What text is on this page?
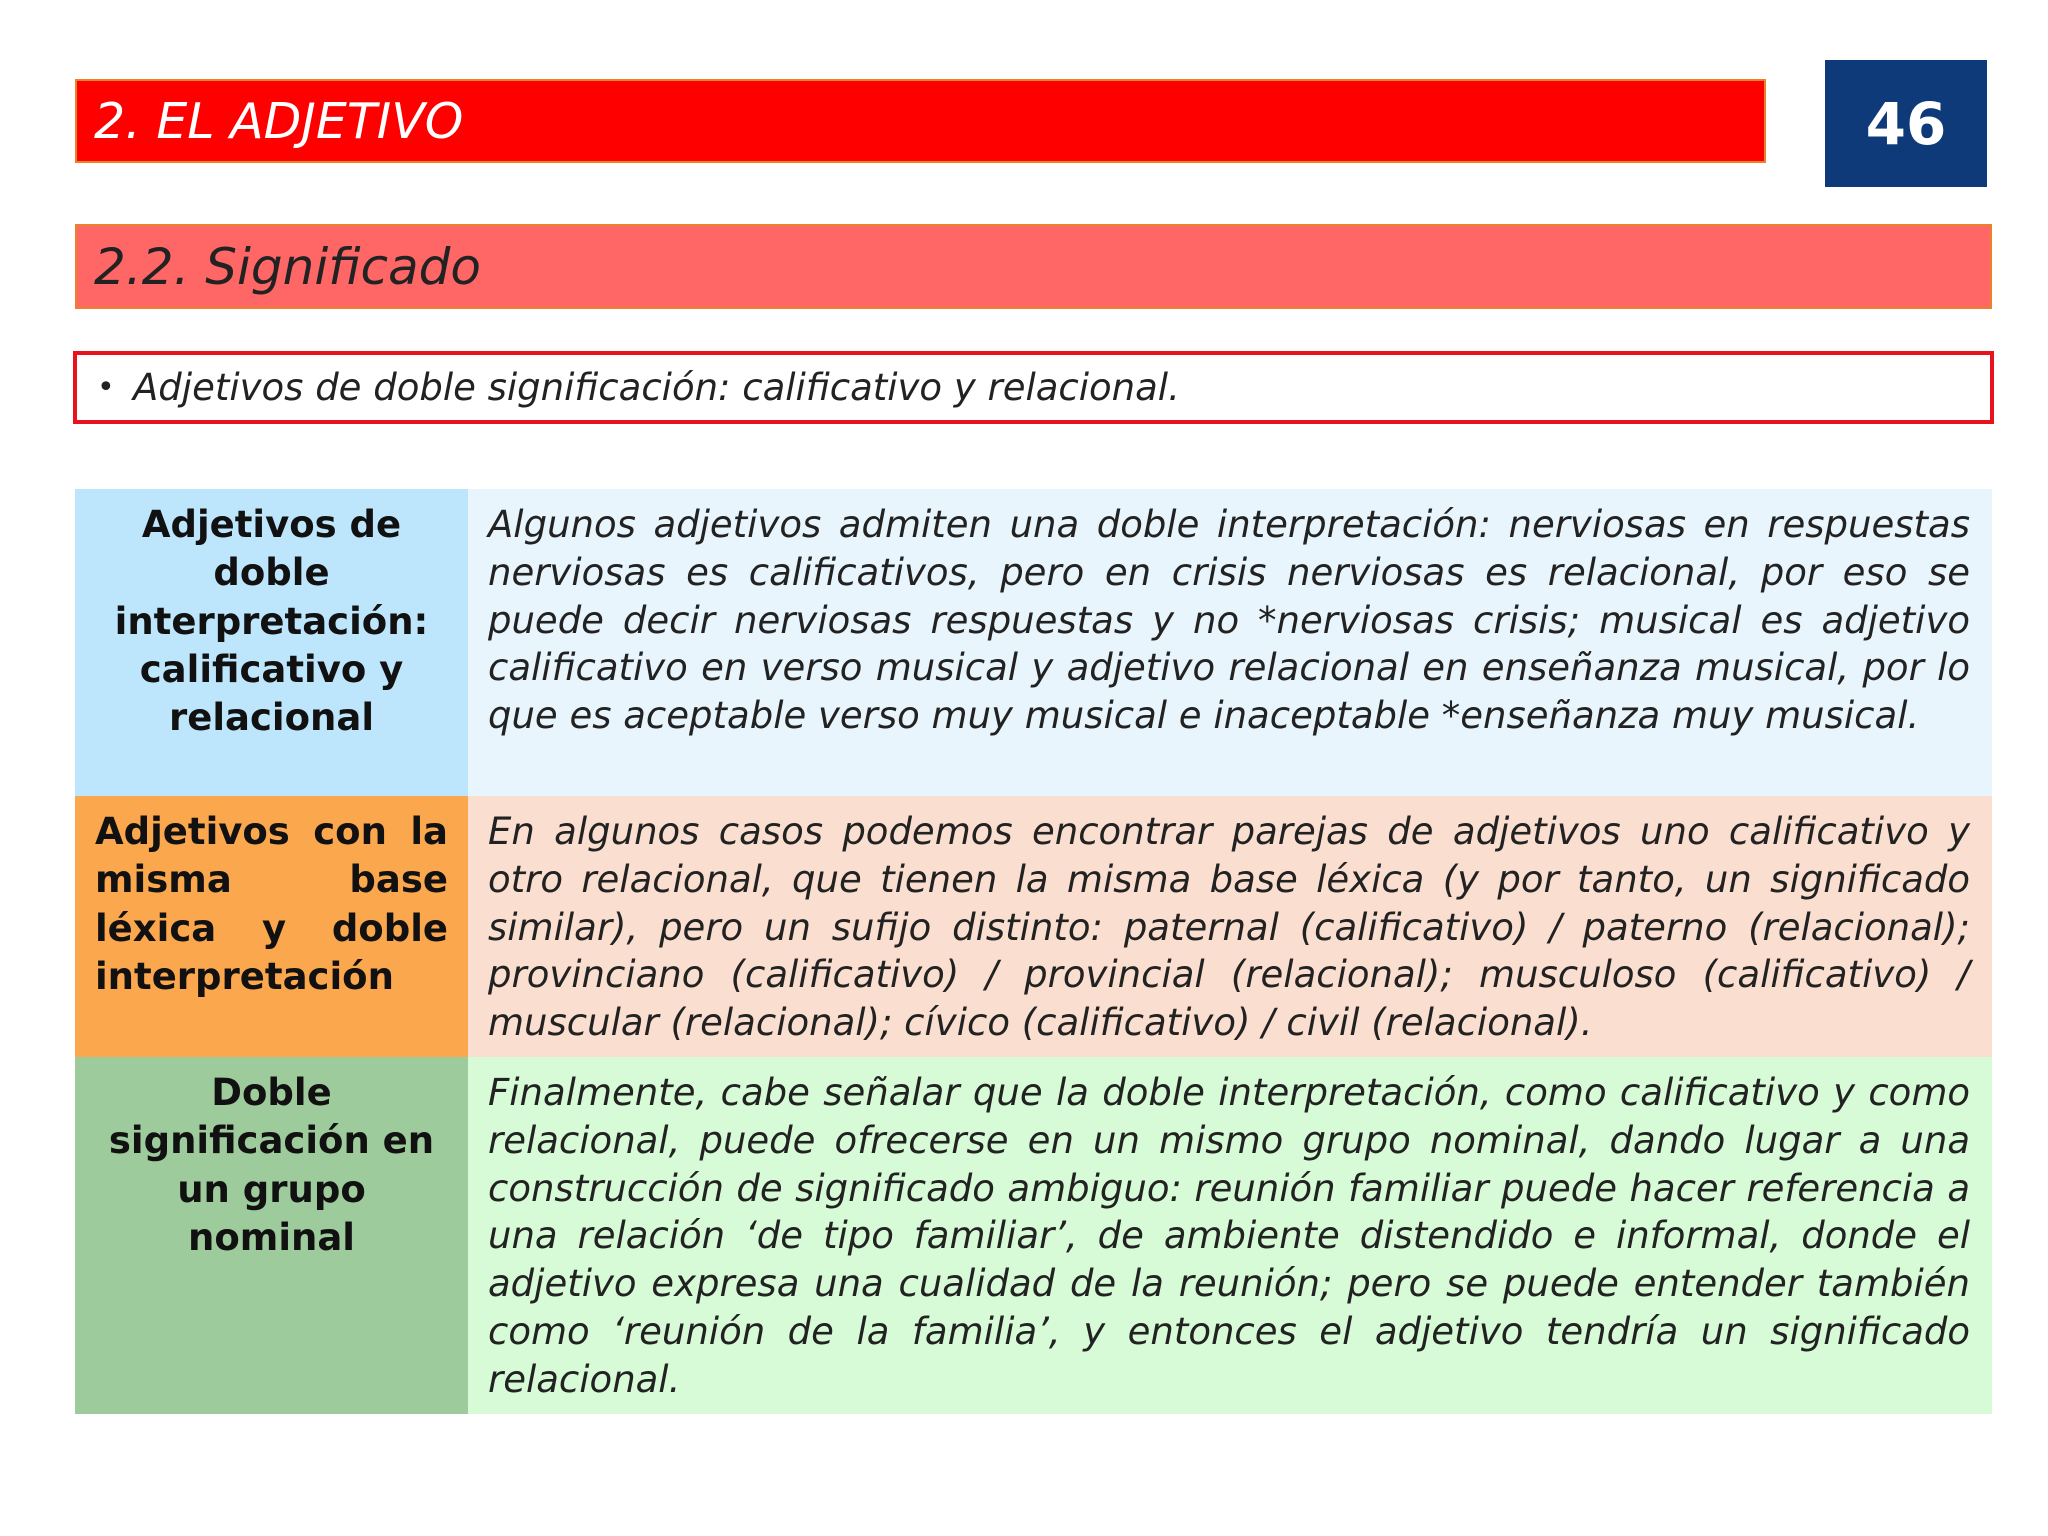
2. EL ADJETIVO	46
2.2. Significado
• Adjetivos de doble significación: calificativo y relacional.
Adjetivos de doble interpretación: calificativo y relacional	Algunos adjetivos admiten una doble interpretación: nerviosas en respuestas nerviosas es calificativos, pero en crisis nerviosas es relacional, por eso se puede decir nerviosas respuestas y no *nerviosas crisis; musical es adjetivo calificativo en verso musical y adjetivo relacional en enseñanza musical, por lo que es aceptable verso muy musical e inaceptable *enseñanza muy musical.
Adjetivos con la misma base léxica y doble interpretación	En algunos casos podemos encontrar parejas de adjetivos uno calificativo y otro relacional, que tienen la misma base léxica (y por tanto, un significado similar), pero un sufijo distinto: paternal (calificativo) / paterno (relacional); provinciano (calificativo) / provincial (relacional); musculoso (calificativo) / muscular (relacional); cívico (calificativo) / civil (relacional).
Doble significación en un grupo nominal	Finalmente, cabe señalar que la doble interpretación, como calificativo y como relacional, puede ofrecerse en un mismo grupo nominal, dando lugar a una construcción de significado ambiguo: reunión familiar puede hacer referencia a una relación ‘de tipo familiar’, de ambiente distendido e informal, donde el adjetivo expresa una cualidad de la reunión; pero se puede entender también como ‘reunión de la familia’, y entonces el adjetivo tendría un significado relacional.
